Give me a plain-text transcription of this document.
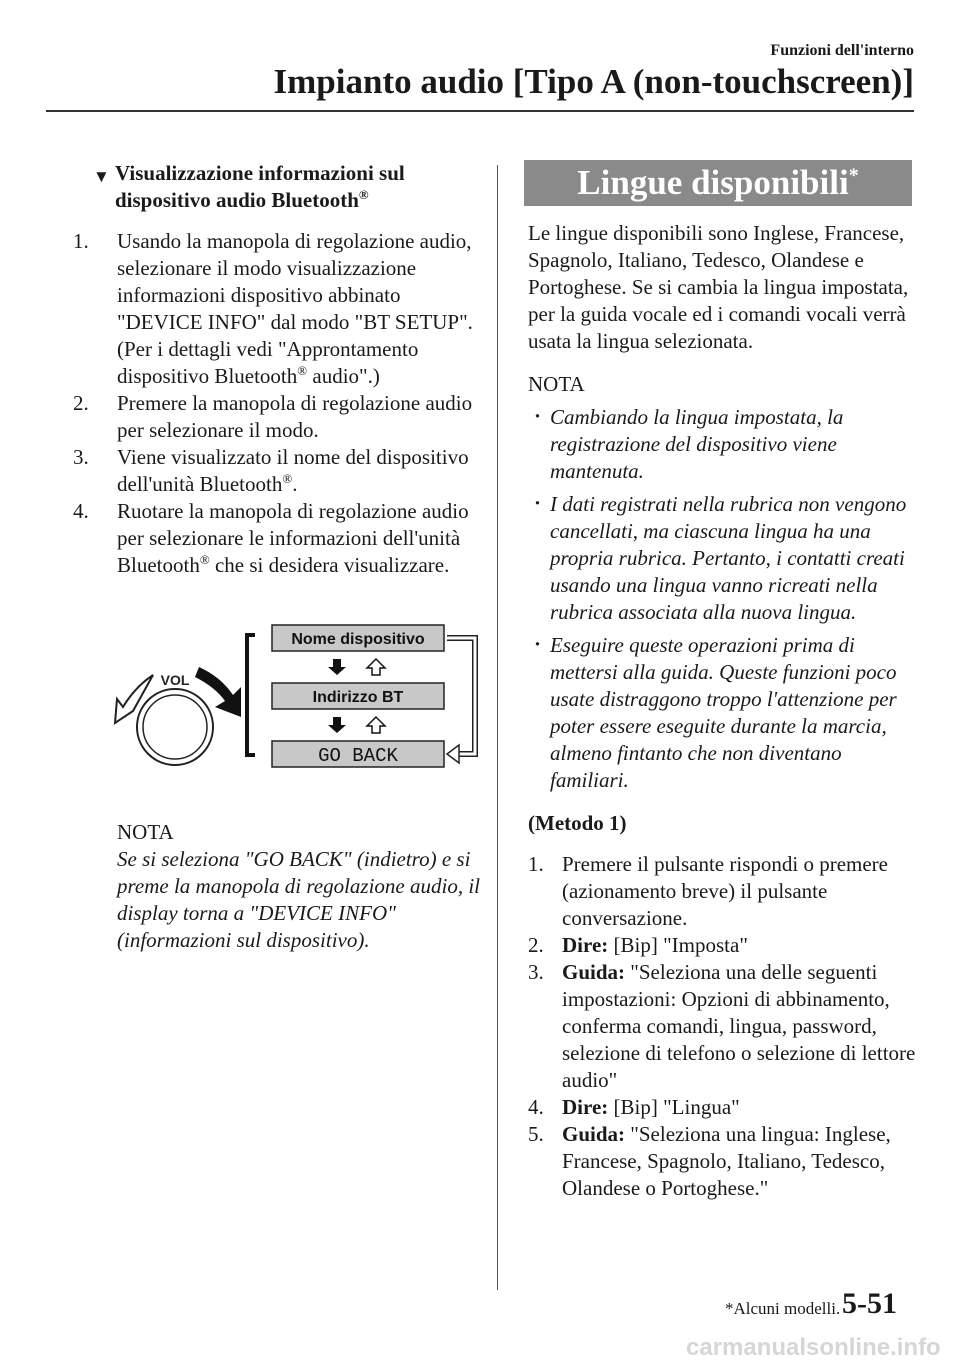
Funzioni dell'interno
Impianto audio [Tipo A (non-touchscreen)]
▼ Visualizzazione informazioni sul
dispositivo audio Bluetooth®
1. Usando la manopola di regolazione audio, selezionare il modo visualizzazione informazioni dispositivo abbinato "DEVICE INFO" dal modo "BT SETUP". (Per i dettagli vedi "Approntamento dispositivo Bluetooth® audio".)
2. Premere la manopola di regolazione audio per selezionare il modo.
3. Viene visualizzato il nome del dispositivo dell'unità Bluetooth®.
4. Ruotare la manopola di regolazione audio per selezionare le informazioni dell'unità Bluetooth® che si desidera visualizzare.
VOL
Nome dispositivo
Indirizzo BT
GO BACK
NOTA
Se si seleziona "GO BACK" (indietro) e si preme la manopola di regolazione audio, il display torna a "DEVICE INFO" (informazioni sul dispositivo).
Lingue disponibili*
Le lingue disponibili sono Inglese, Francese, Spagnolo, Italiano, Tedesco, Olandese e Portoghese. Se si cambia la lingua impostata, per la guida vocale ed i comandi vocali verrà usata la lingua selezionata.
NOTA
· Cambiando la lingua impostata, la registrazione del dispositivo viene mantenuta.
· I dati registrati nella rubrica non vengono cancellati, ma ciascuna lingua ha una propria rubrica. Pertanto, i contatti creati usando una lingua vanno ricreati nella rubrica associata alla nuova lingua.
· Eseguire queste operazioni prima di mettersi alla guida. Queste funzioni poco usate distraggono troppo l'attenzione per poter essere eseguite durante la marcia, almeno fintanto che non diventano familiari.
(Metodo 1)
1. Premere il pulsante rispondi o premere (azionamento breve) il pulsante conversazione.
2. Dire: [Bip] "Imposta"
3. Guida: "Seleziona una delle seguenti impostazioni: Opzioni di abbinamento, conferma comandi, lingua, password, selezione di telefono o selezione di lettore audio"
4. Dire: [Bip] "Lingua"
5. Guida: "Seleziona una lingua: Inglese, Francese, Spagnolo, Italiano, Tedesco, Olandese o Portoghese."
*Alcuni modelli. 5-51
carmanualsonline.info
